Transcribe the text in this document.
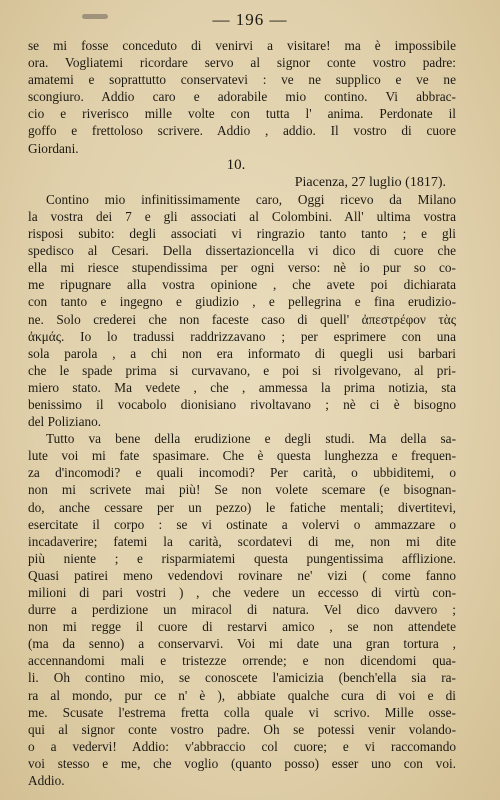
— 196 —
se mi fosse conceduto di venirvi a visitare! ma è impossibile
ora. Vogliatemi ricordare servo al signor conte vostro padre:
amatemi e soprattutto conservatevi : ve ne supplico e ve ne
scongiuro. Addio caro e adorabile mio contino. Vi abbrac-
cio e riverisco mille volte con tutta l' anima. Perdonate il
goffo e frettoloso scrivere. Addio , addio. Il vostro di cuore
Giordani.
10.
Piacenza, 27 luglio (1817).
Contino mio infinitissimamente caro, Oggi ricevo da Milano
la vostra dei 7 e gli associati al Colombini. All' ultima vostra
risposi subito: degli associati vi ringrazio tanto tanto ; e gli
spedisco al Cesari. Della dissertazioncella vi dico di cuore che
ella mi riesce stupendissima per ogni verso: nè io pur so co-
me ripugnare alla vostra opinione , che avete poi dichiarata
con tanto e ingegno e giudizio , e pellegrina e fina erudizio-
ne. Solo crederei che non faceste caso di quell' ἀπεστρέφον τὰς
ἀκμάς. Io lo tradussi raddrizzavano ; per esprimere con una
sola parola , a chi non era informato di quegli usi barbari
che le spade prima si curvavano, e poi si rivolgevano, al pri-
miero stato. Ma vedete , che , ammessa la prima notizia, sta
benissimo il vocabolo dionisiano rivoltavano ; nè ci è bisogno
del Poliziano.
Tutto va bene della erudizione e degli studi. Ma della sa-
lute voi mi fate spasimare. Che è questa lunghezza e frequen-
za d'incomodi? e quali incomodi? Per carità, o ubbiditemi, o
non mi scrivete mai più! Se non volete scemare (e bisognan-
do, anche cessare per un pezzo) le fatiche mentali; divertitevi,
esercitate il corpo : se vi ostinate a volervi o ammazzare o
incadaverire; fatemi la carità, scordatevi di me, non mi dite
più niente ; e risparmiatemi questa pungentissima afflizione.
Quasi patirei meno vedendovi rovinare ne' vizi ( come fanno
milioni di pari vostri ) , che vedere un eccesso di virtù con-
durre a perdizione un miracol di natura. Vel dico davvero ;
non mi regge il cuore di restarvi amico , se non attendete
(ma da senno) a conservarvi. Voi mi date una gran tortura ,
accennandomi mali e tristezze orrende; e non dicendomi qua-
li. Oh contino mio, se conoscete l'amicizia (bench'ella sia ra-
ra al mondo, pur ce n' è ), abbiate qualche cura di voi e di
me. Scusate l'estrema fretta colla quale vi scrivo. Mille osse-
qui al signor conte vostro padre. Oh se potessi venir volando-
o a vedervi! Addio: v'abbraccio col cuore; e vi raccomando
voi stesso e me, che voglio (quanto posso) esser uno con voi.
Addio.
